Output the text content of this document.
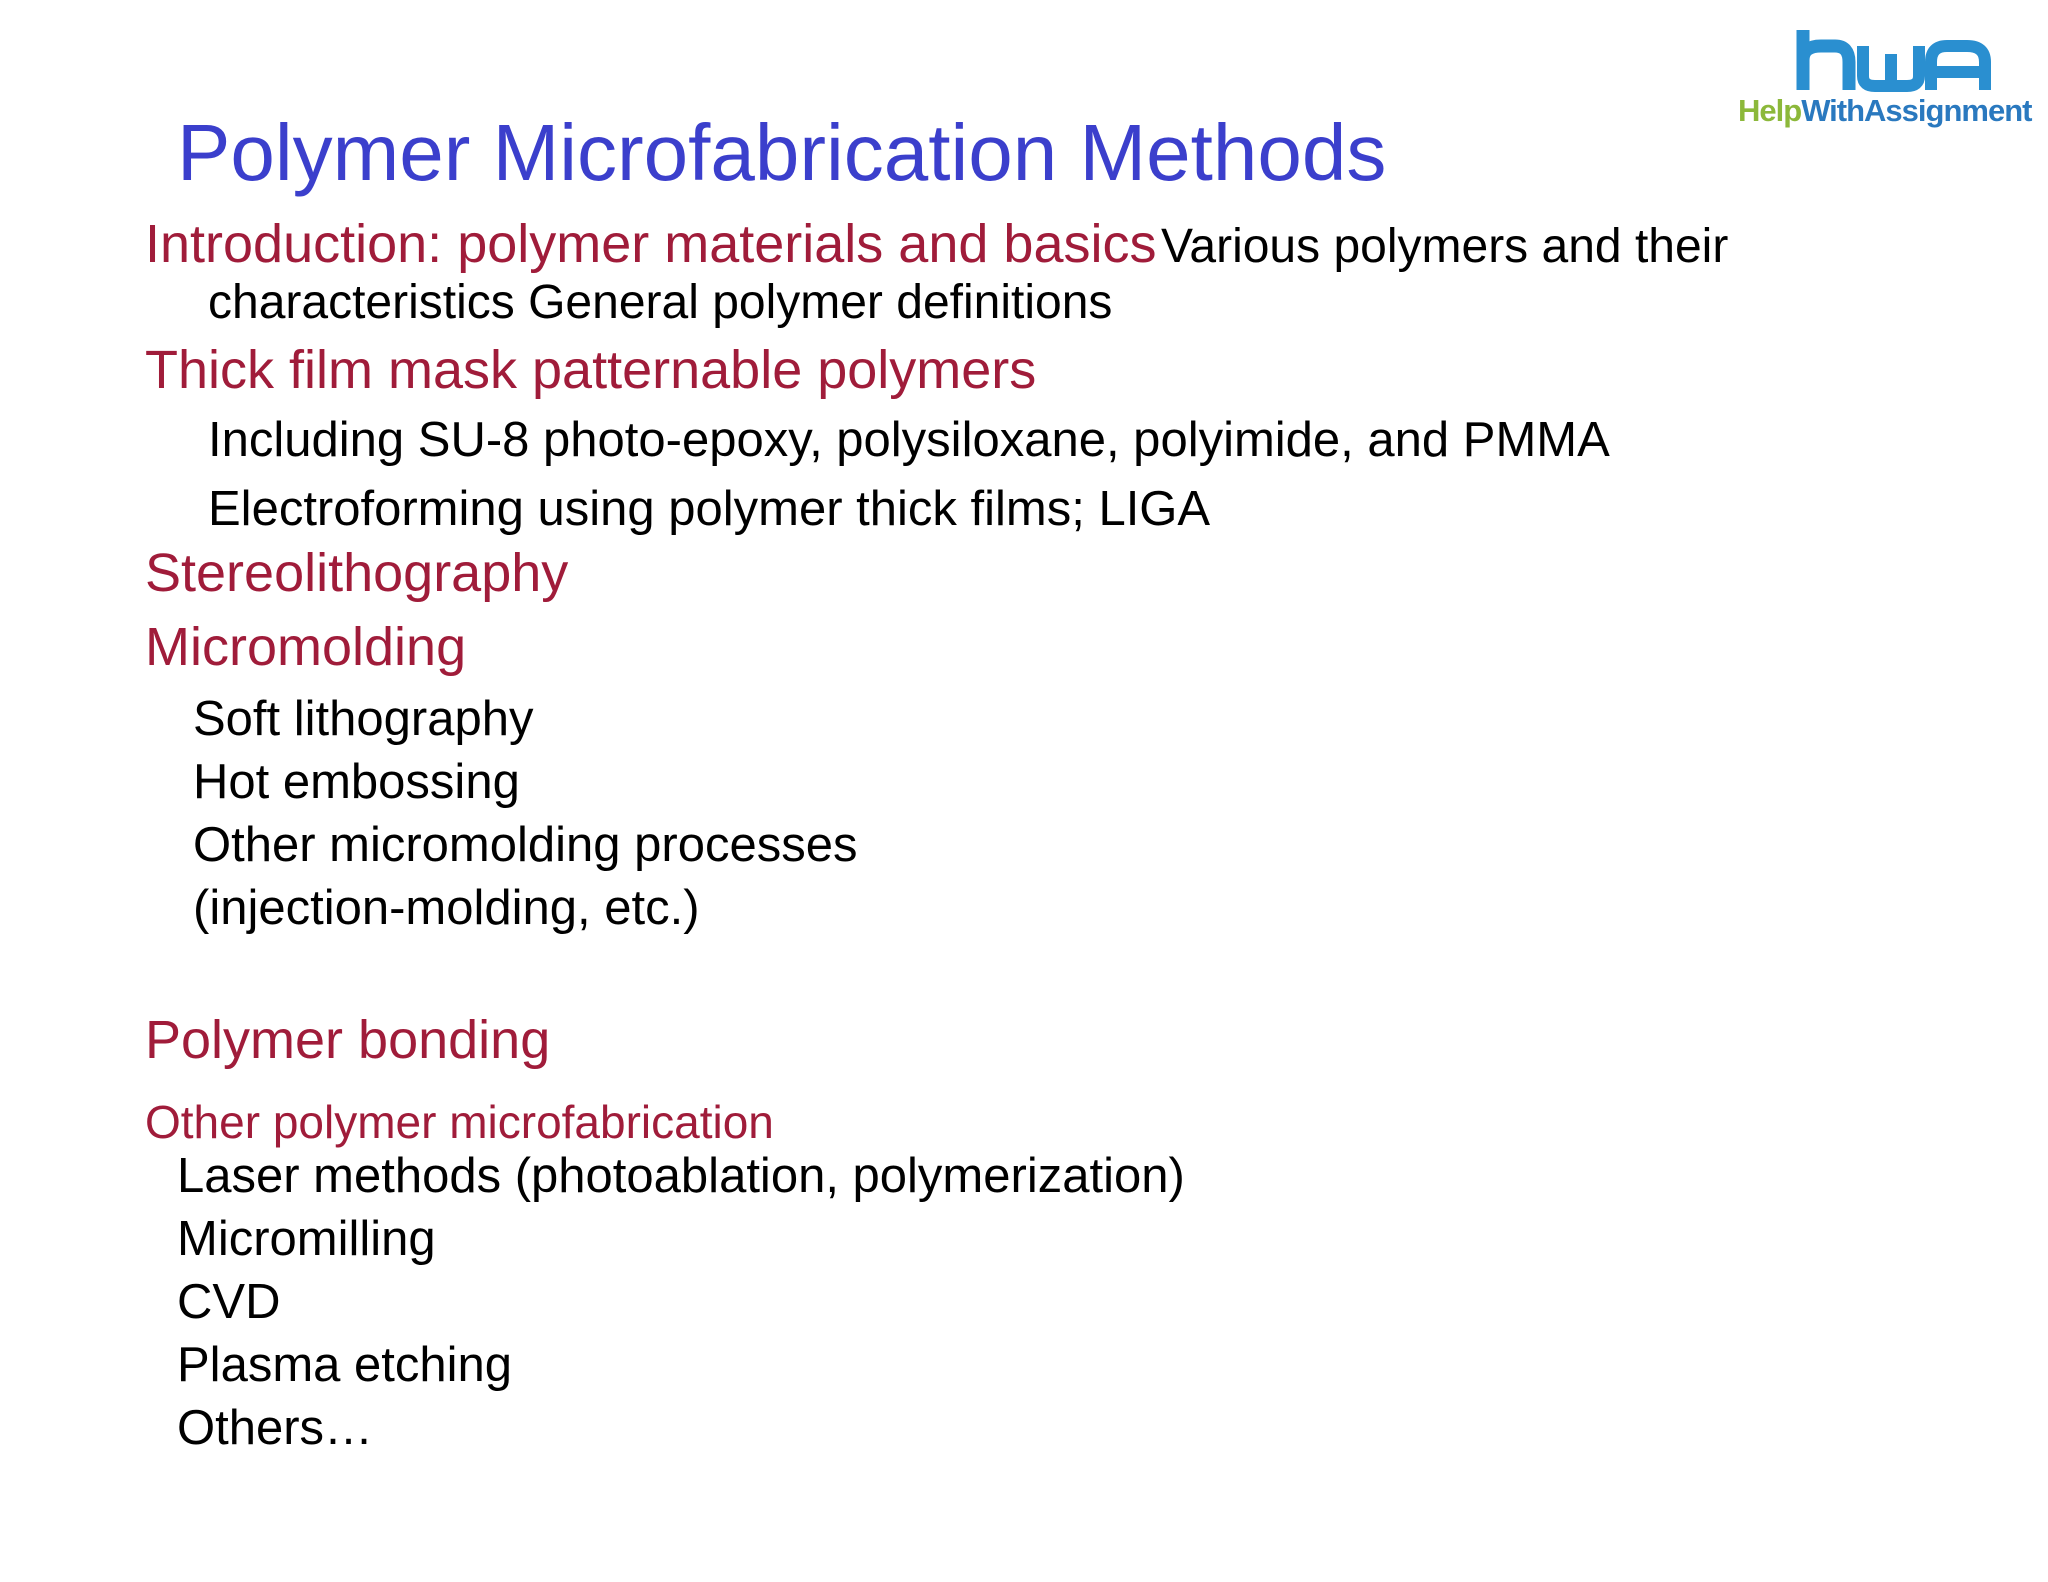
HelpWithAssignment
Polymer Microfabrication Methods
Introduction: polymer materials and basics Various polymers and their
characteristics General polymer definitions
Thick film mask patternable polymers
Including SU-8 photo-epoxy, polysiloxane, polyimide, and PMMA
Electroforming using polymer thick films; LIGA
Stereolithography
Micromolding
Soft lithography
Hot embossing
Other micromolding processes
(injection-molding, etc.)
Polymer bonding
Other polymer microfabrication
Laser methods (photoablation, polymerization)
Micromilling
CVD
Plasma etching
Others…
